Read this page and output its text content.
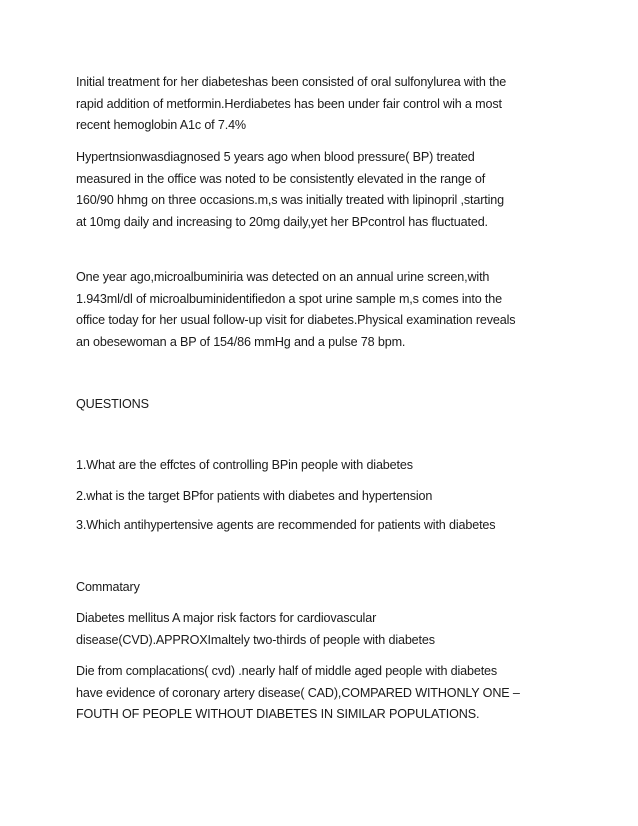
Initial treatment for her diabeteshas been consisted of oral sulfonylurea with the
rapid addition of metformin.Herdiabetes has been under fair control wih a most
recent hemoglobin A1c of 7.4%

Hypertnsionwasdiagnosed 5 years ago when blood pressure( BP) treated
measured in the office was noted to be consistently elevated in the range of
160/90 hhmg on three occasions.m,s was initially treated with lipinopril ,starting
at 10mg daily and increasing to 20mg daily,yet her BPcontrol has fluctuated.

One year ago,microalbuminiria was detected on an annual urine screen,with
1.943ml/dl of microalbuminidentifiedon a spot urine sample m,s comes into the
office today for her usual follow-up visit for diabetes.Physical examination reveals
an obesewoman a BP of 154/86 mmHg and a pulse 78 bpm.

QUESTIONS

1.What are the effctes of controlling BPin people with diabetes

2.what is the target BPfor patients with diabetes and hypertension

3.Which antihypertensive agents are recommended for patients with diabetes

Commatary

Diabetes mellitus A major risk factors for cardiovascular
disease(CVD).APPROXImaltely two-thirds of people with diabetes

Die from complacations( cvd) .nearly half of middle aged people with diabetes
have evidence of coronary artery disease( CAD),COMPARED WITHONLY ONE –
FOUTH OF PEOPLE WITHOUT DIABETES IN SIMILAR POPULATIONS.
